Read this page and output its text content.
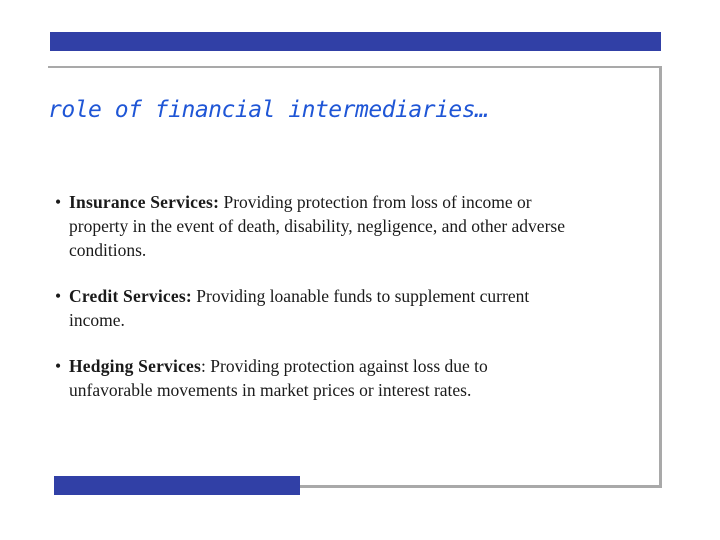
role of financial intermediaries…
• Insurance Services: Providing protection from loss of income or property in the event of death, disability, negligence, and other adverse conditions.
• Credit Services: Providing loanable funds to supplement current income.
• Hedging Services: Providing protection against loss due to unfavorable movements in market prices or interest rates.
